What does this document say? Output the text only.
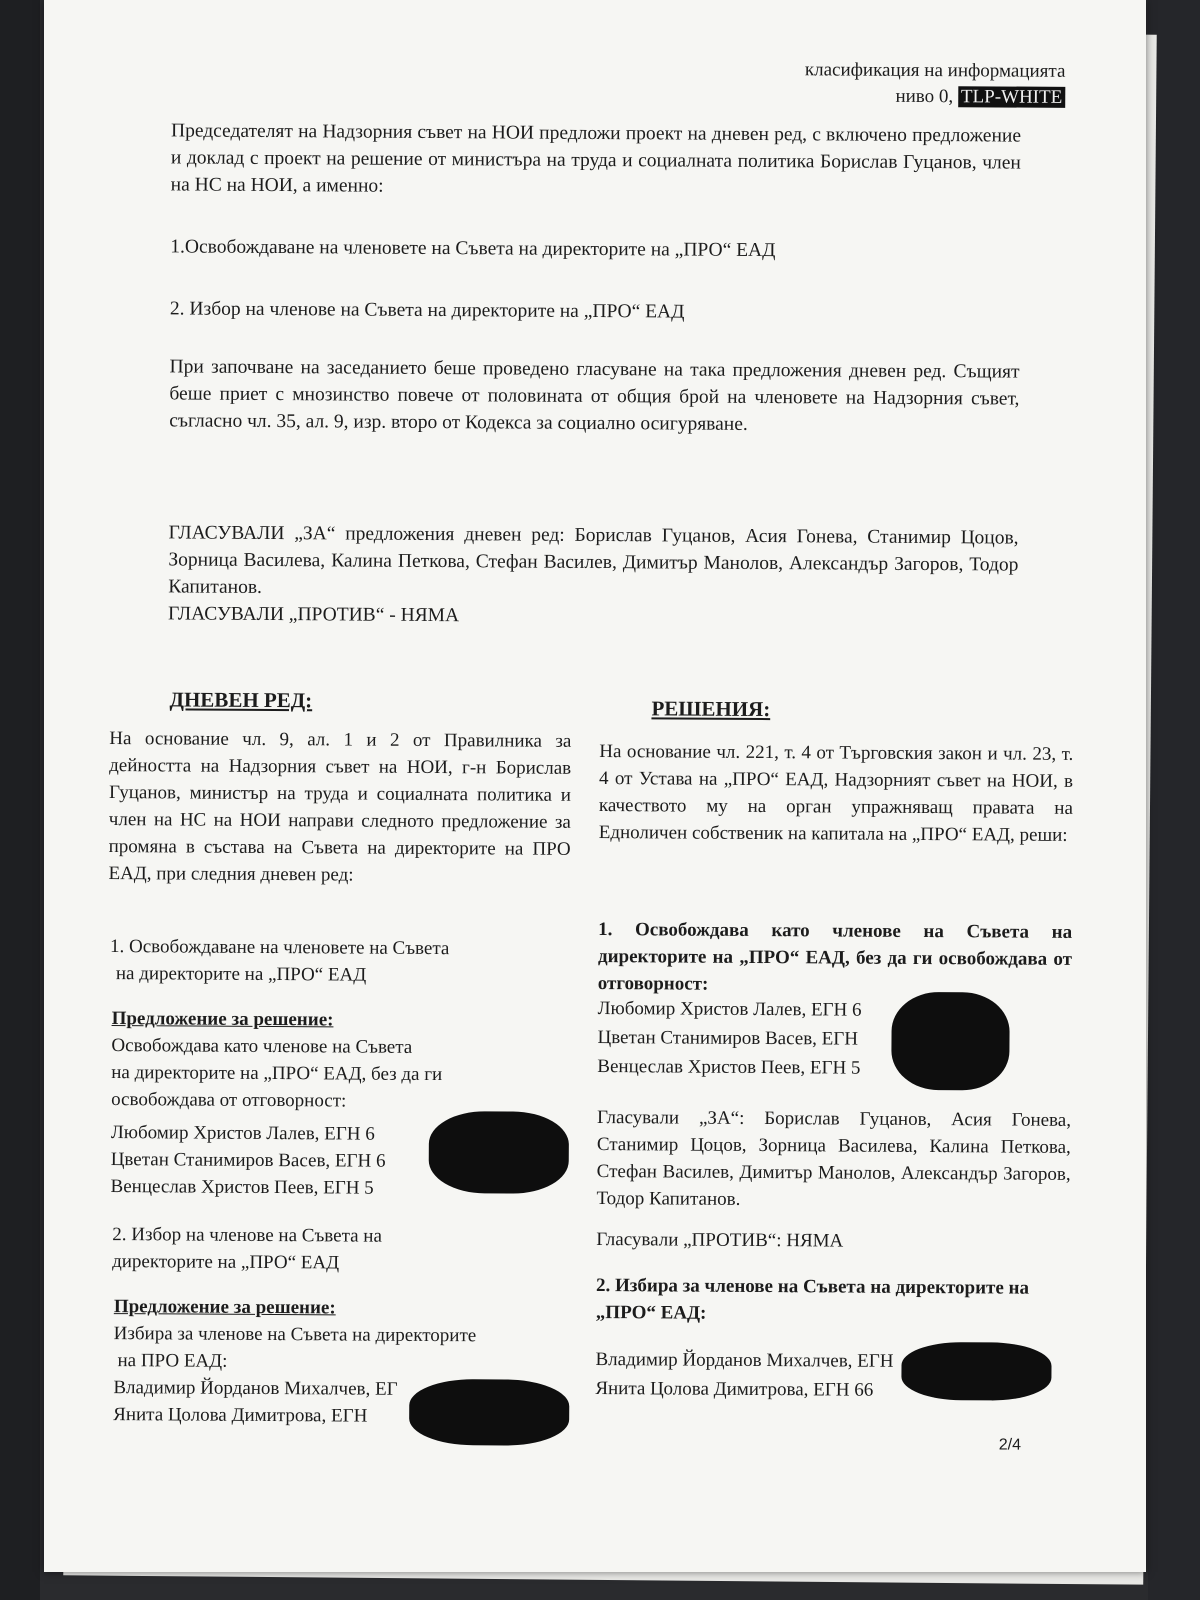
класификация на информацията
ниво 0, TLP-WHITE
Председателят на Надзорния съвет на НОИ предложи проект на дневен ред, с включено предложение и доклад с проект на решение от министъра на труда и социалната политика Борислав Гуцанов, член на НС на НОИ, а именно:
1.Освобождаване на членовете на Съвета на директорите на „ПРО“ ЕАД
2. Избор на членове на Съвета на директорите на „ПРО“ ЕАД
При започване на заседанието беше проведено гласуване на така предложения дневен ред. Същият беше приет с мнозинство повече от половината от общия брой на членовете на Надзорния съвет, съгласно чл. 35, ал. 9, изр. второ от Кодекса за социално осигуряване.
ГЛАСУВАЛИ „ЗА“ предложения дневен ред: Борислав Гуцанов, Асия Гонева, Станимир Цоцов, Зорница Василева, Калина Петкова, Стефан Василев, Димитър Манолов, Александър Загоров, Тодор Капитанов.
ГЛАСУВАЛИ „ПРОТИВ“ - НЯМА
ДНЕВЕН РЕД:
На основание чл. 9, ал. 1 и 2 от Правилника за дейността на Надзорния съвет на НОИ, г-н Борислав Гуцанов, министър на труда и социалната политика и член на НС на НОИ направи следното предложение за промяна в състава на Съвета на директорите на ПРО ЕАД, при следния дневен ред:
1. Освобождаване на членовете на Съвета
на директорите на „ПРО“ ЕАД
Предложение за решение:
Освобождава като членове на Съвета
на директорите на „ПРО“ ЕАД, без да ги
освобождава от отговорност:
Любомир Христов Лалев, ЕГН 6
Цветан Станимиров Васев, ЕГН 6
Венцеслав Христов Пеев, ЕГН 5
2. Избор на членове на Съвета на
директорите на „ПРО“ ЕАД
Предложение за решение:
Избира за членове на Съвета на директорите
на ПРО ЕАД:
Владимир Йорданов Михалчев, ЕГ
Янита Цолова Димитрова, ЕГН
РЕШЕНИЯ:
На основание чл. 221, т. 4 от Търговския закон и чл. 23, т. 4 от Устава на „ПРО“ ЕАД, Надзорният съвет на НОИ, в качеството му на орган упражняващ правата на Едноличен собственик на капитала на „ПРО“ ЕАД, реши:
1. Освобождава като членове на Съвета на директорите на „ПРО“ ЕАД, без да ги освобождава от отговорност:
Любомир Христов Лалев, ЕГН 6
Цветан Станимиров Васев, ЕГН
Венцеслав Христов Пеев, ЕГН 5
Гласували „ЗА“: Борислав Гуцанов, Асия Гонева, Станимир Цоцов, Зорница Василева, Калина Петкова, Стефан Василев, Димитър Манолов, Александър Загоров, Тодор Капитанов.
Гласували „ПРОТИВ“: НЯМА
2. Избира за членове на Съвета на директорите на „ПРО“ ЕАД:
Владимир Йорданов Михалчев, ЕГН
Янита Цолова Димитрова, ЕГН 66
2/4
